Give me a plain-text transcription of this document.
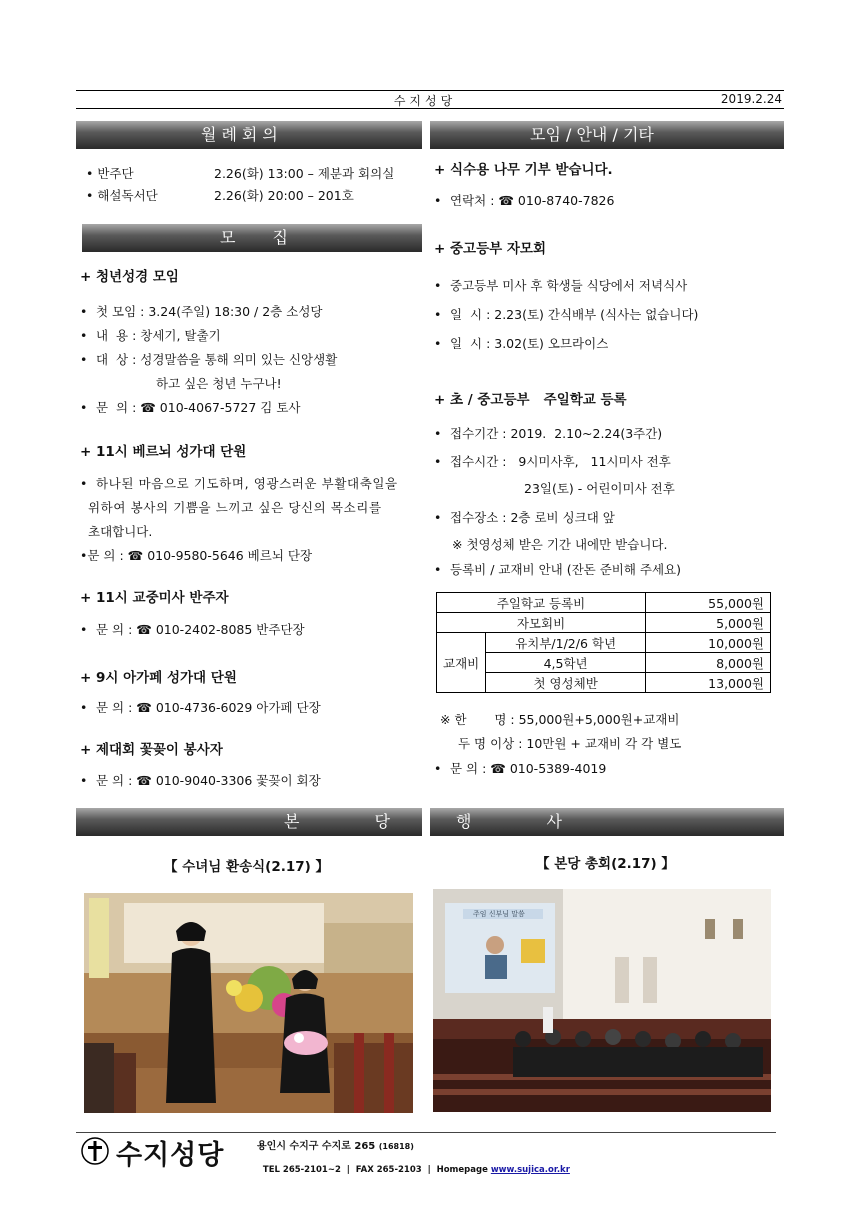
수지성당	2019.2.24
월례회의	모임 / 안내 / 기타
모 집
본 당	행 사
• 반주단	2.26(화) 13:00 – 제분과 회의실
• 해설독서단	2.26(화) 20:00 – 201호
+ 청년성경 모임
• 첫 모임 : 3.24(주일) 18:30 / 2층 소성당
• 내  용 : 창세기, 탈출기
• 대  상 : 성경말씀을 통해 의미 있는 신앙생활
하고 싶은 청년 누구나!
• 문  의 : ☎ 010-4067-5727 김 토사
+ 11시 베르뇌 성가대 단원
• 하나된 마음으로 기도하며, 영광스러운 부활대축일을
위하여 봉사의 기쁨을 느끼고 싶은 당신의 목소리를
초대합니다.
•문 의 : ☎ 010-9580-5646 베르뇌 단장
+ 11시 교중미사 반주자
• 문 의 : ☎ 010-2402-8085 반주단장
+ 9시 아가페 성가대 단원
• 문 의 : ☎ 010-4736-6029 아가페 단장
+ 제대회 꽃꽂이 봉사자
• 문 의 : ☎ 010-9040-3306 꽃꽂이 회장
+ 식수용 나무 기부 받습니다.
• 연락처 : ☎ 010-8740-7826
+ 중고등부 자모회
• 중고등부 미사 후 학생들 식당에서 저녁식사
• 일  시 : 2.23(토) 간식배부 (식사는 없습니다)
• 일  시 : 3.02(토) 오므라이스
+ 초 / 중고등부   주일학교 등록
• 접수기간 : 2019.  2.10~2.24(3주간)
• 접수시간 :   9시미사후,   11시미사 전후
23일(토) - 어린이미사 전후
• 접수장소 : 2층 로비 싱크대 앞
※ 첫영성체 받은 기간 내에만 받습니다.
• 등록비 / 교재비 안내 (잔돈 준비해 주세요)
주일학교 등록비		55,000원
자모회비		5,000원
교재비	유치부/1/2/6 학년	10,000원
	4,5학년	8,000원
	첫 영성체반	13,000원
※ 한       명 : 55,000원+5,000원+교재비
두 명 이상 : 10만원 + 교재비 각 각 별도
• 문 의 : ☎ 010-5389-4019
【 수녀님 환송식(2.17) 】	【 본당 총회(2.17) 】
주임 신부님 말씀
수지성당	용인시 수지구 수지로 265 (16818)

TEL 265-2101~2  |  FAX 265-2103  |  Homepage www.sujica.or.kr
